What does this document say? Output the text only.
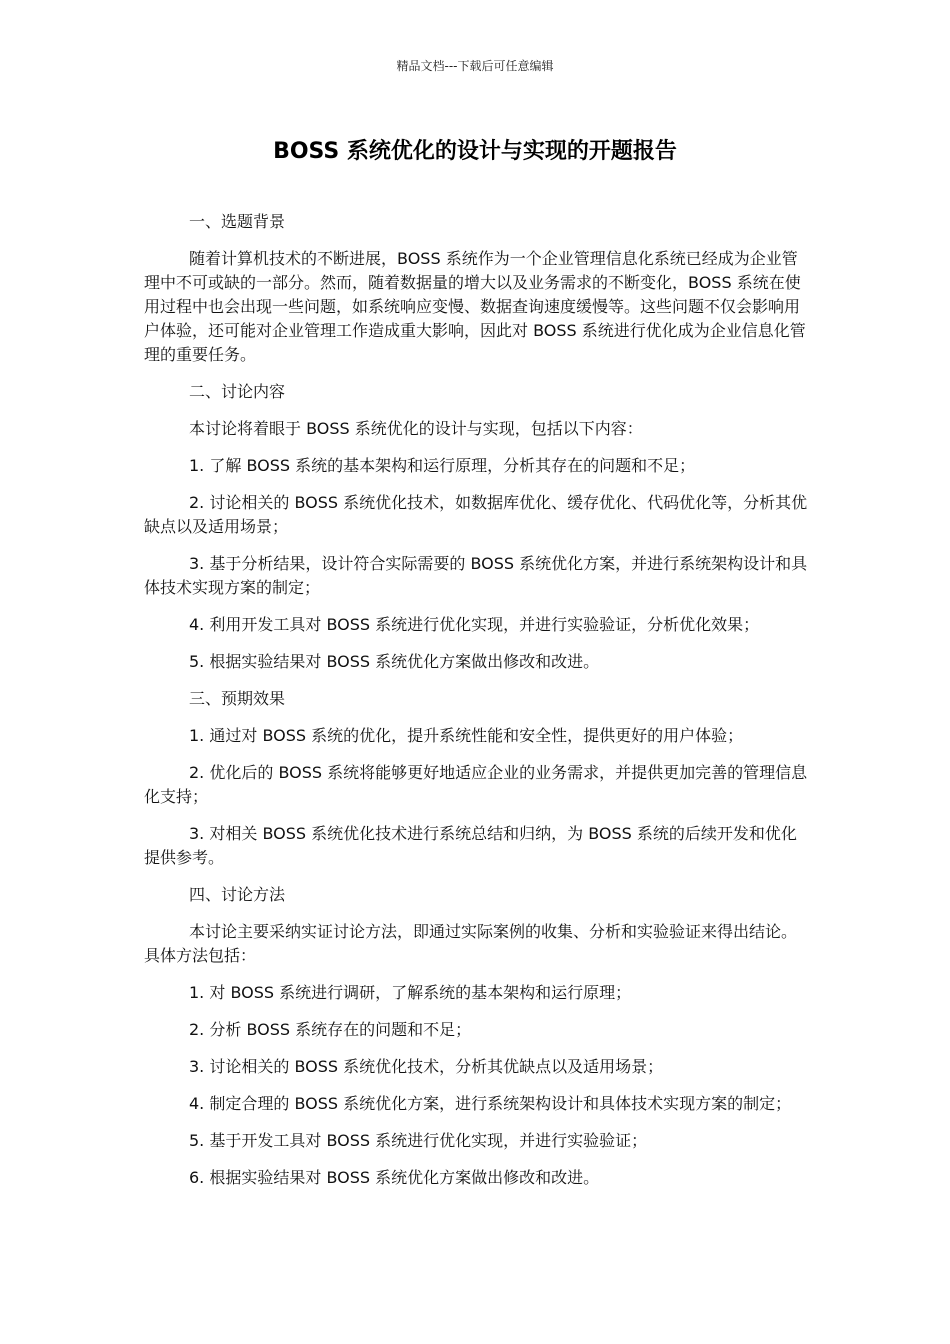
精品文档---下载后可任意编辑
BOSS 系统优化的设计与实现的开题报告

一、选题背景

随着计算机技术的不断进展，BOSS 系统作为一个企业管理信息化系统已经成为企业管理中不可或缺的一部分。然而，随着数据量的增大以及业务需求的不断变化，BOSS 系统在使用过程中也会出现一些问题，如系统响应变慢、数据查询速度缓慢等。这些问题不仅会影响用户体验，还可能对企业管理工作造成重大影响，因此对 BOSS 系统进行优化成为企业信息化管理的重要任务。

二、讨论内容

本讨论将着眼于 BOSS 系统优化的设计与实现，包括以下内容：

1. 了解 BOSS 系统的基本架构和运行原理，分析其存在的问题和不足；

2. 讨论相关的 BOSS 系统优化技术，如数据库优化、缓存优化、代码优化等，分析其优缺点以及适用场景；

3. 基于分析结果，设计符合实际需要的 BOSS 系统优化方案，并进行系统架构设计和具体技术实现方案的制定；

4. 利用开发工具对 BOSS 系统进行优化实现，并进行实验验证，分析优化效果；

5. 根据实验结果对 BOSS 系统优化方案做出修改和改进。

三、预期效果

1. 通过对 BOSS 系统的优化，提升系统性能和安全性，提供更好的用户体验；

2. 优化后的 BOSS 系统将能够更好地适应企业的业务需求，并提供更加完善的管理信息化支持；

3. 对相关 BOSS 系统优化技术进行系统总结和归纳，为 BOSS 系统的后续开发和优化提供参考。

四、讨论方法

本讨论主要采纳实证讨论方法，即通过实际案例的收集、分析和实验验证来得出结论。具体方法包括：

1. 对 BOSS 系统进行调研，了解系统的基本架构和运行原理；

2. 分析 BOSS 系统存在的问题和不足；

3. 讨论相关的 BOSS 系统优化技术，分析其优缺点以及适用场景；

4. 制定合理的 BOSS 系统优化方案，进行系统架构设计和具体技术实现方案的制定；

5. 基于开发工具对 BOSS 系统进行优化实现，并进行实验验证；

6. 根据实验结果对 BOSS 系统优化方案做出修改和改进。
